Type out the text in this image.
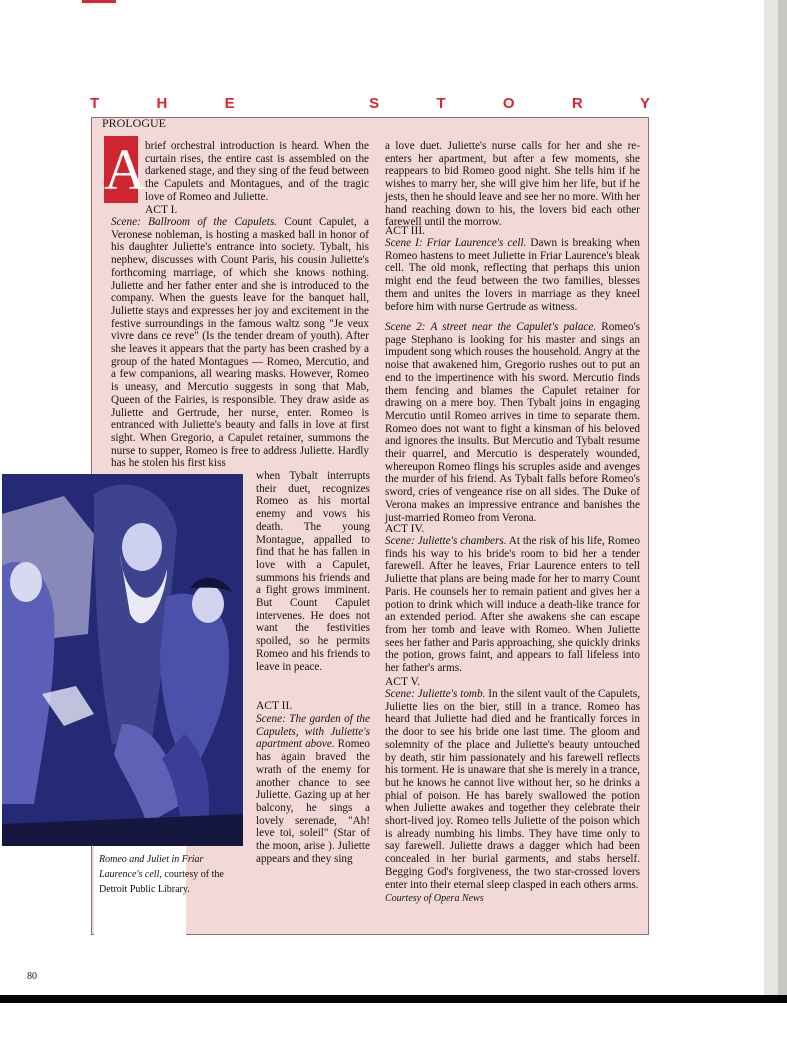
T	H	E	S	T	O	R	Y
PROLOGUE
A brief orchestral introduction is heard. When the curtain rises, the entire cast is assembled on the darkened stage, and they sing of the feud between the Capulets and Montagues, and of the tragic love of Romeo and Juliette.
ACT I.
Scene: Ballroom of the Capulets. Count Capulet, a Veronese nobleman, is hosting a masked ball in honor of his daughter Juliette's entrance into society. Tybalt, his nephew, discusses with Count Paris, his cousin Juliette's forthcoming marriage, of which she knows nothing. Juliette and her father enter and she is introduced to the company. When the guests leave for the banquet hall, Juliette stays and expresses her joy and excitement in the festive surroundings in the famous waltz song "Je veux vivre dans ce reve" (Is the tender dream of youth). After she leaves it appears that the party has been crashed by a group of the hated Montagues — Romeo, Mercutio, and a few companions, all wearing masks. However, Romeo is uneasy, and Mercutio suggests in song that Mab, Queen of the Fairies, is responsible. They draw aside as Juliette and Gertrude, her nurse, enter. Romeo is entranced with Juliette's beauty and falls in love at first sight. When Gregorio, a Capulet retainer, summons the nurse to supper, Romeo is free to address Juliette. Hardly has he stolen his first kiss
when Tybalt interrupts their duet, recognizes Romeo as his mortal enemy and vows his death. The young Montague, appalled to find that he has fallen in love with a Capulet, summons his friends and a fight grows imminent. But Count Capulet intervenes. He does not want the festivities spoiled, so he permits Romeo and his friends to leave in peace.
ACT II.
Scene: The garden of the Capulets, with Juliette's apartment above. Romeo has again braved the wrath of the enemy for another chance to see Juliette. Gazing up at her balcony, he sings a lovely serenade, "Ah! leve toi, soleil" (Star of the moon, arise ). Juliette appears and they sing
a love duet. Juliette's nurse calls for her and she re-enters her apartment, but after a few moments, she reappears to bid Romeo good night. She tells him if he wishes to marry her, she will give him her life, but if he jests, then he should leave and see her no more. With her hand reaching down to his, the lovers bid each other farewell until the morrow.
ACT III.
Scene I: Friar Laurence's cell. Dawn is breaking when Romeo hastens to meet Juliette in Friar Laurence's bleak cell. The old monk, reflecting that perhaps this union might end the feud between the two families, blesses them and unites the lovers in marriage as they kneel before him with nurse Gertrude as witness.
Scene 2: A street near the Capulet's palace. Romeo's page Stephano is looking for his master and sings an impudent song which rouses the household. Angry at the noise that awakened him, Gregorio rushes out to put an end to the impertinence with his sword. Mercutio finds them fencing and blames the Capulet retainer for drawing on a mere boy. Then Tybalt joins in engaging Mercutio until Romeo arrives in time to separate them. Romeo does not want to fight a kinsman of his beloved and ignores the insults. But Mercutio and Tybalt resume their quarrel, and Mercutio is desperately wounded, whereupon Romeo flings his scruples aside and avenges the murder of his friend. As Tybalt falls before Romeo's sword, cries of vengeance rise on all sides. The Duke of Verona makes an impressive entrance and banishes the just-married Romeo from Verona.
ACT IV.
Scene: Juliette's chambers. At the risk of his life, Romeo finds his way to his bride's room to bid her a tender farewell. After he leaves, Friar Laurence enters to tell Juliette that plans are being made for her to marry Count Paris. He counsels her to remain patient and gives her a potion to drink which will induce a death-like trance for an extended period. After she awakens she can escape from her tomb and leave with Romeo. When Juliette sees her father and Paris approaching, she quickly drinks the potion, grows faint, and appears to fall lifeless into her father's arms.
ACT V.
Scene: Juliette's tomb. In the silent vault of the Capulets, Juliette lies on the bier, still in a trance. Romeo has heard that Juliette had died and he frantically forces in the door to see his bride one last time. The gloom and solemnity of the place and Juliette's beauty untouched by death, stir him passionately and his farewell reflects his torment. He is unaware that she is merely in a trance, but he knows he cannot live without her, so he drinks a phial of poison. He has barely swallowed the potion when Juliette awakes and together they celebrate their short-lived joy. Romeo tells Juliette of the poison which is already numbing his limbs. They have time only to say farewell. Juliette draws a dagger which had been concealed in her burial garments, and stabs herself. Begging God's forgiveness, the two star-crossed lovers enter into their eternal sleep clasped in each others arms.
Courtesy of Opera News
Romeo and Juliet in Friar Laurence's cell, courtesy of the Detroit Public Library.
80
